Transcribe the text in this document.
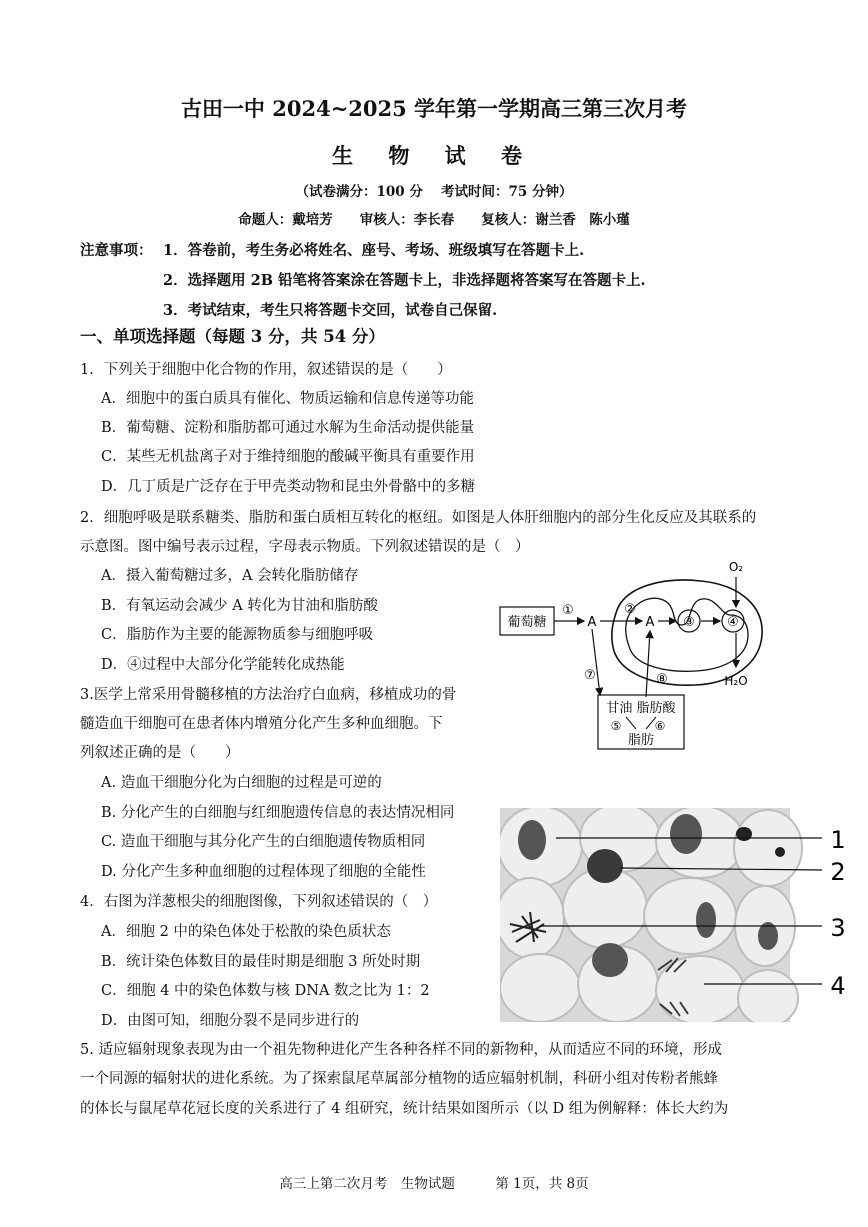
古田一中 2024~2025 学年第一学期高三第三次月考
生 物 试 卷
（试卷满分：100 分　 考试时间：75 分钟）
命题人：戴培芳　　审核人：李长春　　复核人：谢兰香　陈小瑾
注意事项： 1．答卷前，考生务必将姓名、座号、考场、班级填写在答题卡上.
2．选择题用 2B 铅笔将答案涂在答题卡上，非选择题将答案写在答题卡上.
3．考试结束，考生只将答题卡交回，试卷自己保留.
一、单项选择题（每题 3 分，共 54 分）
1．下列关于细胞中化合物的作用，叙述错误的是（　　）
A．细胞中的蛋白质具有催化、物质运输和信息传递等功能
B．葡萄糖、淀粉和脂肪都可通过水解为生命活动提供能量
C．某些无机盐离子对于维持细胞的酸碱平衡具有重要作用
D．几丁质是广泛存在于甲壳类动物和昆虫外骨骼中的多糖
2．细胞呼吸是联系糖类、脂肪和蛋白质相互转化的枢纽。如图是人体肝细胞内的部分生化反应及其联系的
示意图。图中编号表示过程，字母表示物质。下列叙述错误的是（　）
A．摄入葡萄糖过多，A 会转化脂肪储存
B．有氧运动会减少 A 转化为甘油和脂肪酸
C．脂肪作为主要的能源物质参与细胞呼吸
D．④过程中大部分化学能转化成热能
葡萄糖
①
A
②
A ③ ④
O₂
H₂O
⑦	⑧
甘油 脂肪酸
⑤	⑥
脂肪
3.医学上常采用骨髓移植的方法治疗白血病，移植成功的骨
髓造血干细胞可在患者体内增殖分化产生多种血细胞。下
列叙述正确的是（　　）
A. 造血干细胞分化为白细胞的过程是可逆的
B. 分化产生的白细胞与红细胞遗传信息的表达情况相同
C. 造血干细胞与其分化产生的白细胞遗传物质相同
D. 分化产生多种血细胞的过程体现了细胞的全能性
4．右图为洋葱根尖的细胞图像，下列叙述错误的（　）
A．细胞 2 中的染色体处于松散的染色质状态
B．统计染色体数目的最佳时期是细胞 3 所处时期
C．细胞 4 中的染色体数与核 DNA 数之比为 1：2
D．由图可知，细胞分裂不是同步进行的
1
2
3
4
5. 适应辐射现象表现为由一个祖先物种进化产生各种各样不同的新物种，从而适应不同的环境，形成
一个同源的辐射状的进化系统。为了探索鼠尾草属部分植物的适应辐射机制，科研小组对传粉者熊蜂
的体长与鼠尾草花冠长度的关系进行了 4 组研究，统计结果如图所示（以 D 组为例解释：体长大约为
高三上第二次月考　生物试题　　　第 1页，共 8页
